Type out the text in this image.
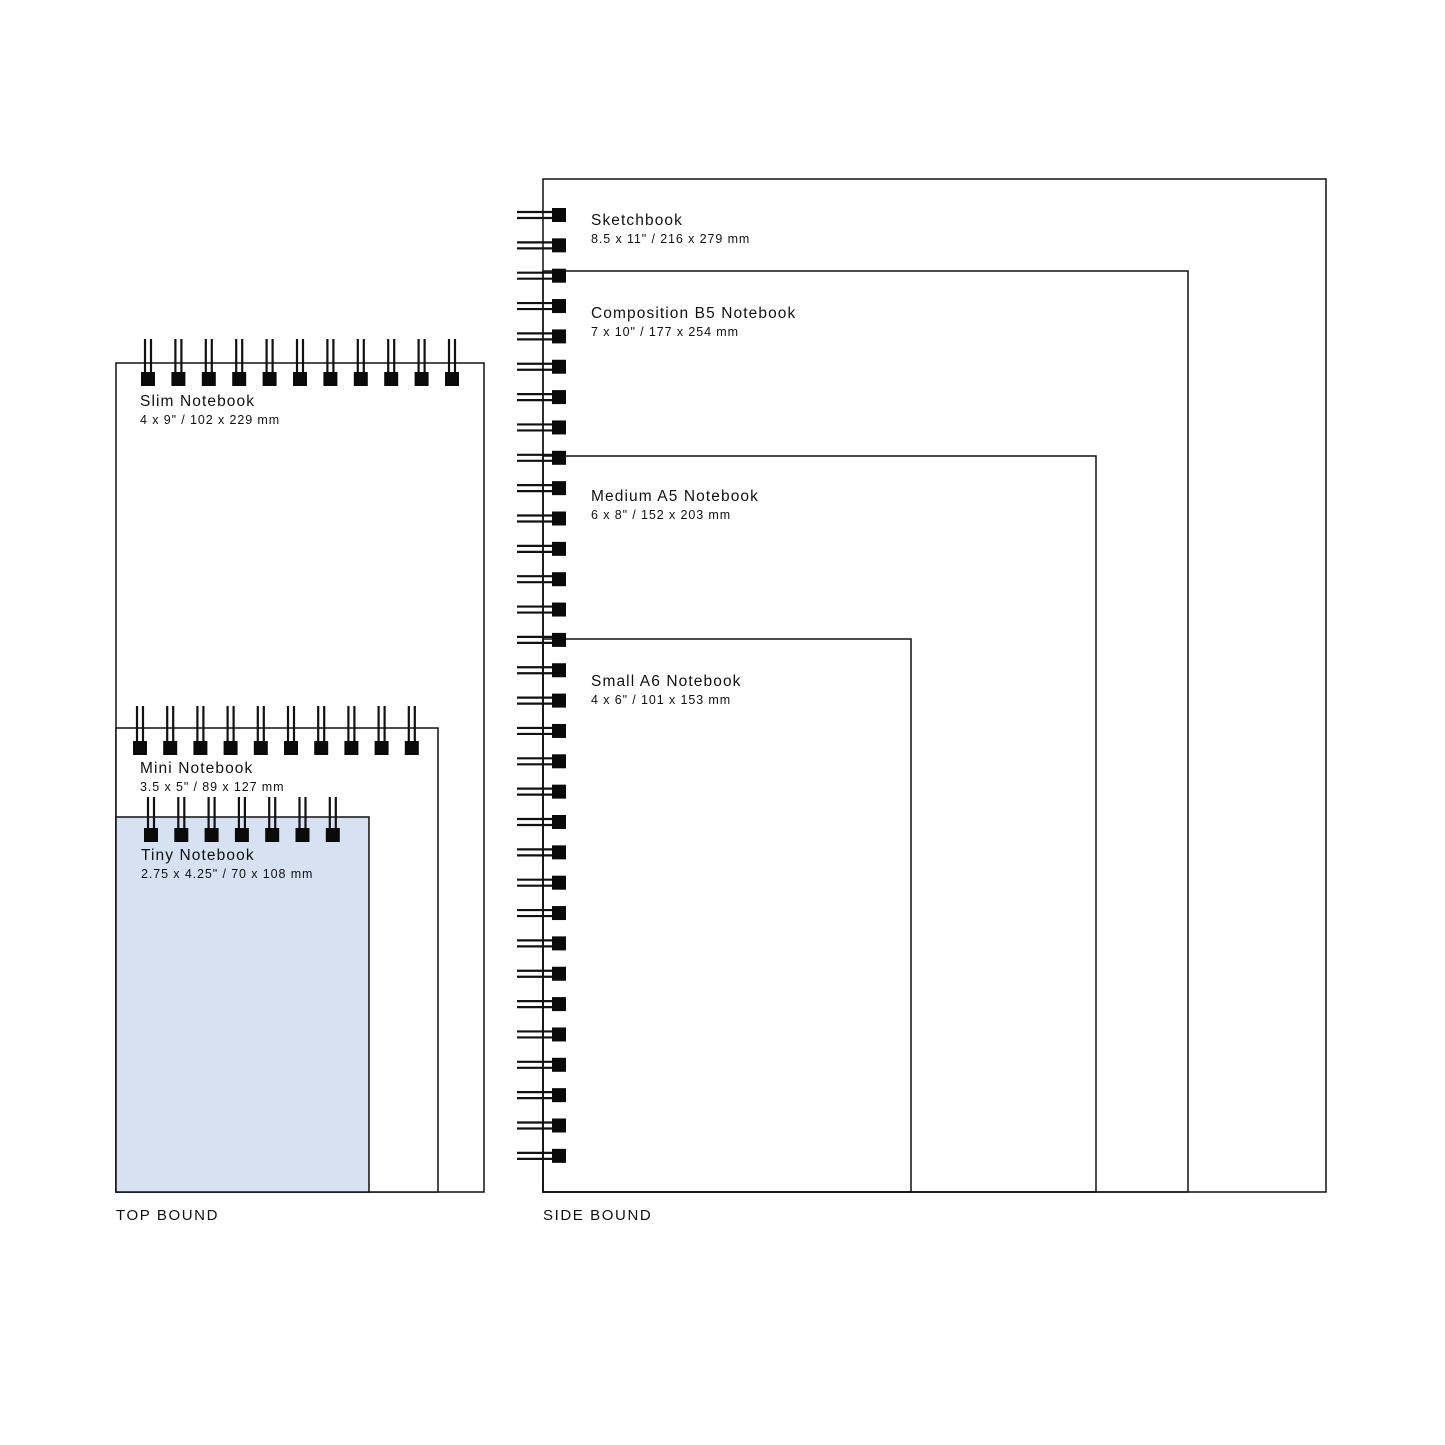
Slim Notebook
4 x 9" / 102 x 229 mm
Mini Notebook
3.5 x 5" / 89 x 127 mm
Tiny Notebook
2.75 x 4.25" / 70 x 108 mm
Sketchbook
8.5 x 11" / 216 x 279 mm
Composition B5 Notebook
7 x 10" / 177 x 254 mm
Medium A5 Notebook
6 x 8" / 152 x 203 mm
Small A6 Notebook
4 x 6" / 101 x 153 mm
TOP BOUND	SIDE BOUND
